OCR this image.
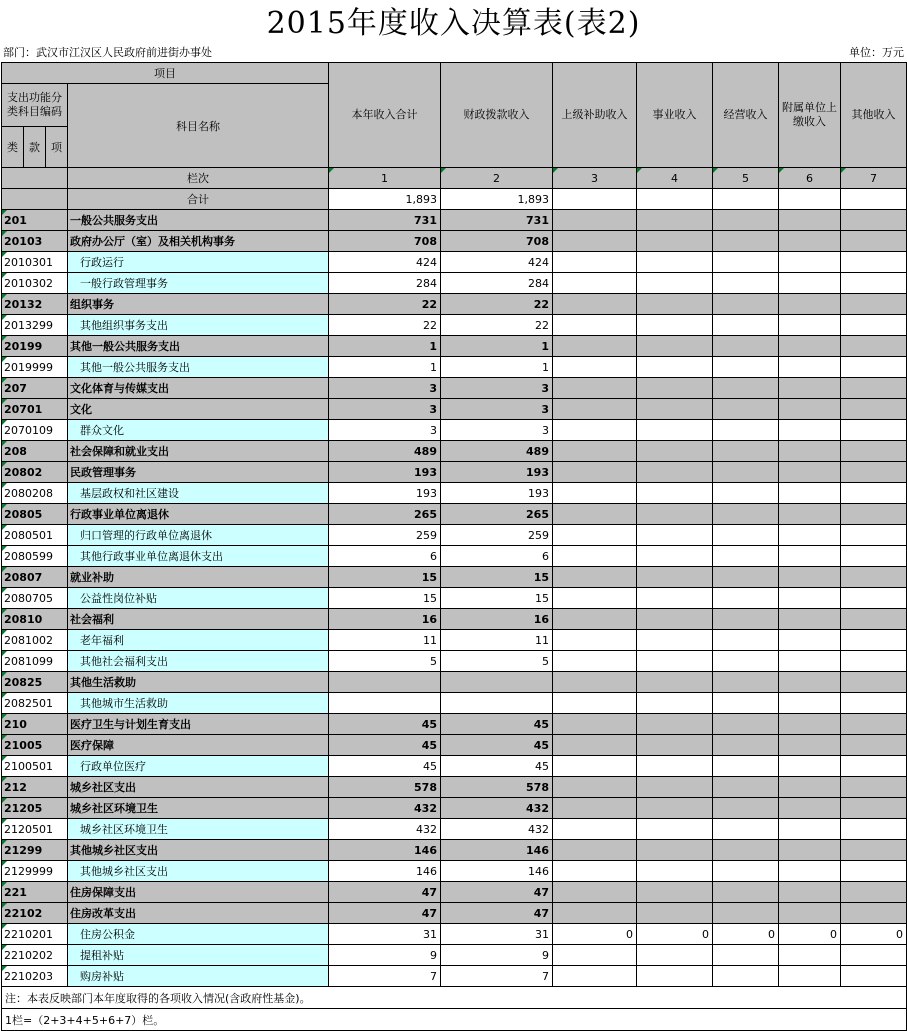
2015年度收入决算表(表2)
部门：武汉市江汉区人民政府前进街办事处	单位：万元
项目				本年收入合计	财政拨款收入	上级补助收入	事业收入	经营收入	附属单位上缴收入	其他收入
支出功能分类科目编码			科目名称							
类	款	项								
			栏次	1	2	3	4	5	6	7
			合计	1,893	1,893					
201			一般公共服务支出	731	731					
20103			政府办公厅（室）及相关机构事务	708	708					
2010301			行政运行	424	424					
2010302			一般行政管理事务	284	284					
20132			组织事务	22	22					
2013299			其他组织事务支出	22	22					
20199			其他一般公共服务支出	1	1					
2019999			其他一般公共服务支出	1	1					
207			文化体育与传媒支出	3	3					
20701			文化	3	3					
2070109			群众文化	3	3					
208			社会保障和就业支出	489	489					
20802			民政管理事务	193	193					
2080208			基层政权和社区建设	193	193					
20805			行政事业单位离退休	265	265					
2080501			归口管理的行政单位离退休	259	259					
2080599			其他行政事业单位离退休支出	6	6					
20807			就业补助	15	15					
2080705			公益性岗位补贴	15	15					
20810			社会福利	16	16					
2081002			老年福利	11	11					
2081099			其他社会福利支出	5	5					
20825			其他生活救助							
2082501			其他城市生活救助							
210			医疗卫生与计划生育支出	45	45					
21005			医疗保障	45	45					
2100501			行政单位医疗	45	45					
212			城乡社区支出	578	578					
21205			城乡社区环境卫生	432	432					
2120501			城乡社区环境卫生	432	432					
21299			其他城乡社区支出	146	146					
2129999			其他城乡社区支出	146	146					
221			住房保障支出	47	47					
22102			住房改革支出	47	47					
2210201			住房公积金	31	31	0	0	0	0	0
2210202			提租补贴	9	9					
2210203			购房补贴	7	7					
注：本表反映部门本年度取得的各项收入情况(含政府性基金)。										
1栏=（2+3+4+5+6+7）栏。										
